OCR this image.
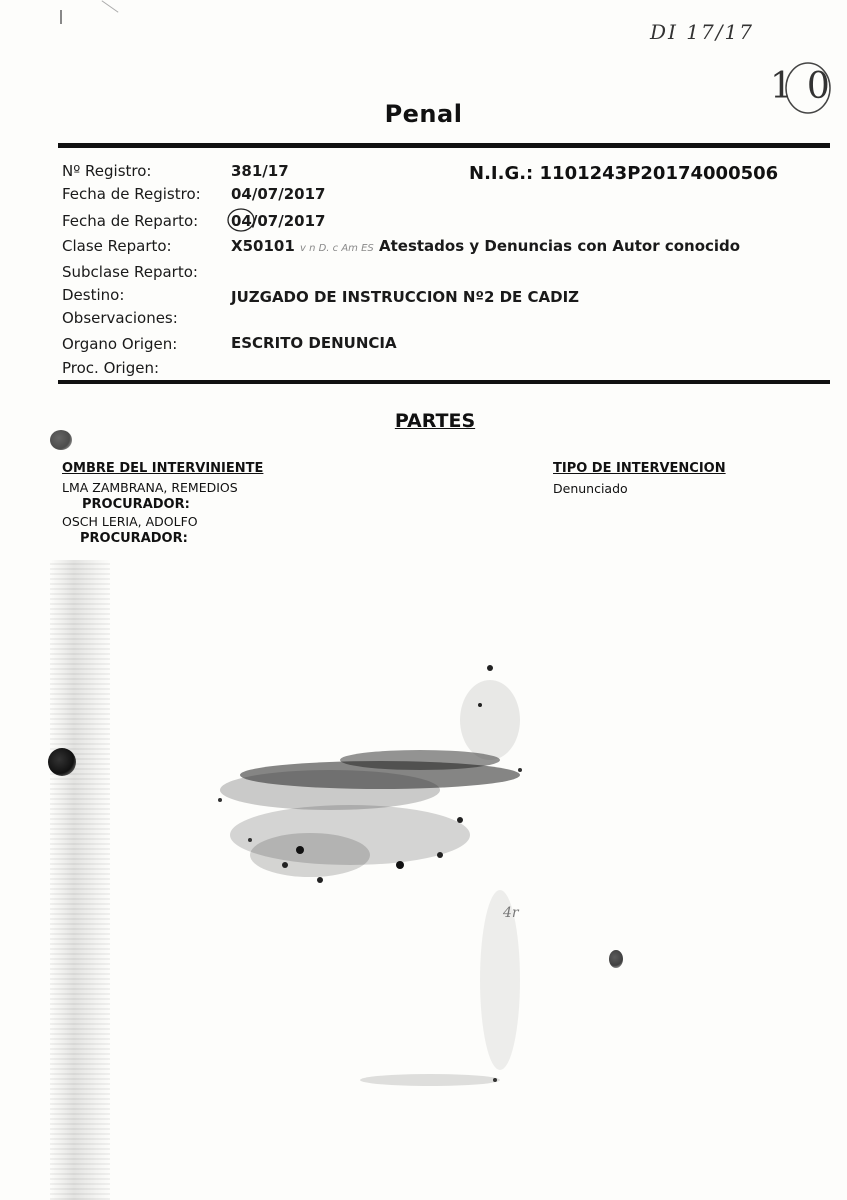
DI 17/17
10
Penal
Nº Registro:	381/17	N.I.G.: 1101243P20174000506
Fecha de Registro: 04/07/2017
Fecha de Reparto: 04/07/2017
Clase Reparto:	X50101 v n D. c Am ES Atestados y Denuncias con Autor conocido
Subclase Reparto:
Destino:	JUZGADO DE INSTRUCCION Nº2 DE CADIZ
Observaciones:
Organo Origen:	ESCRITO DENUNCIA
Proc. Origen:
PARTES
OMBRE DEL INTERVINIENTE	TIPO DE INTERVENCION
LMA ZAMBRANA, REMEDIOS	Denunciado
PROCURADOR:
OSCH LERIA, ADOLFO
PROCURADOR:
4r
